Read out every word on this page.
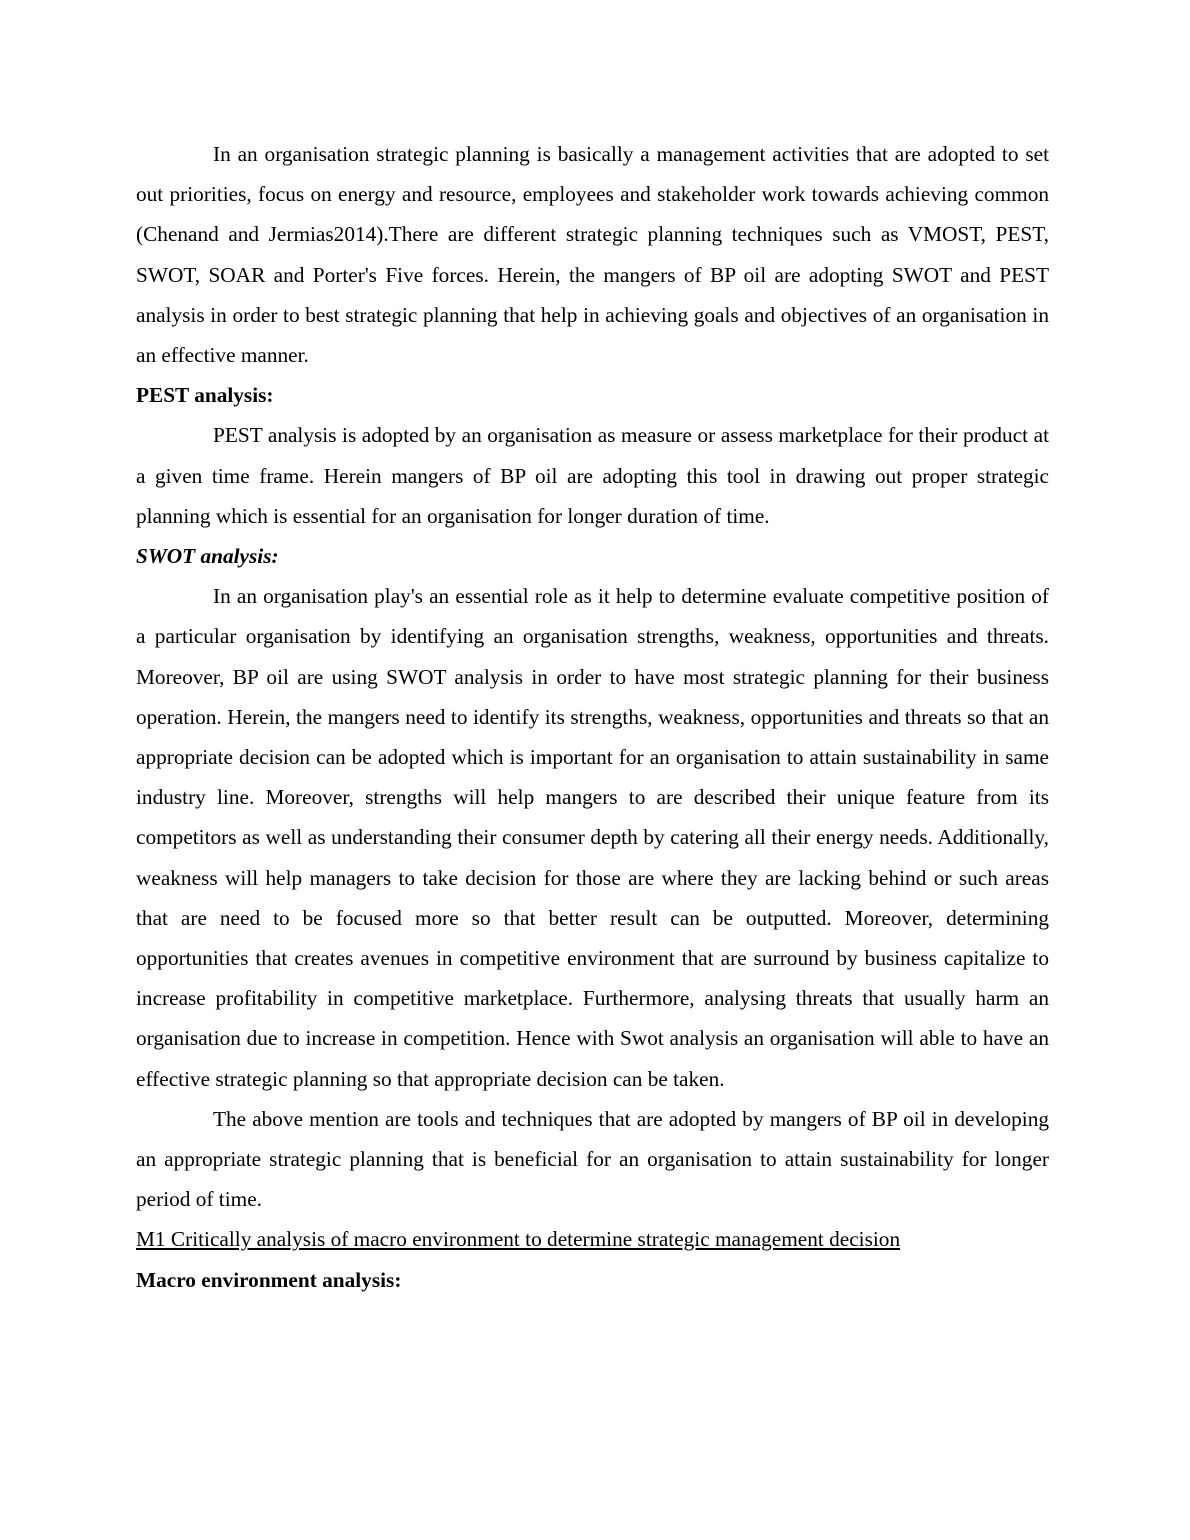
In an organisation strategic planning is basically a management activities that are adopted to set out priorities, focus on energy and resource, employees and stakeholder work towards achieving common (Chenand and Jermias2014).There are different strategic planning techniques such as VMOST, PEST, SWOT, SOAR and Porter's Five forces. Herein, the mangers of BP oil are adopting SWOT and PEST analysis in order to best strategic planning that help in achieving goals and objectives of an organisation in an effective manner.

PEST analysis:

PEST analysis is adopted by an organisation as measure or assess marketplace for their product at a given time frame. Herein mangers of BP oil are adopting this tool in drawing out proper strategic planning which is essential for an organisation for longer duration of time.

SWOT analysis:

In an organisation play's an essential role as it help to determine evaluate competitive position of a particular organisation by identifying an organisation strengths, weakness, opportunities and threats. Moreover, BP oil are using SWOT analysis in order to have most strategic planning for their business operation. Herein, the mangers need to identify its strengths, weakness, opportunities and threats so that an appropriate decision can be adopted which is important for an organisation to attain sustainability in same industry line. Moreover, strengths will help mangers to are described their unique feature from its competitors as well as understanding their consumer depth by catering all their energy needs. Additionally, weakness will help managers to take decision for those are where they are lacking behind or such areas that are need to be focused more so that better result can be outputted. Moreover, determining opportunities that creates avenues in competitive environment that are surround by business capitalize to increase profitability in competitive marketplace. Furthermore, analysing threats that usually harm an organisation due to increase in competition. Hence with Swot analysis an organisation will able to have an effective strategic planning so that appropriate decision can be taken.

The above mention are tools and techniques that are adopted by mangers of BP oil in developing an appropriate strategic planning that is beneficial for an organisation to attain sustainability for longer period of time.

M1 Critically analysis of macro environment to determine strategic management decision

Macro environment analysis:
